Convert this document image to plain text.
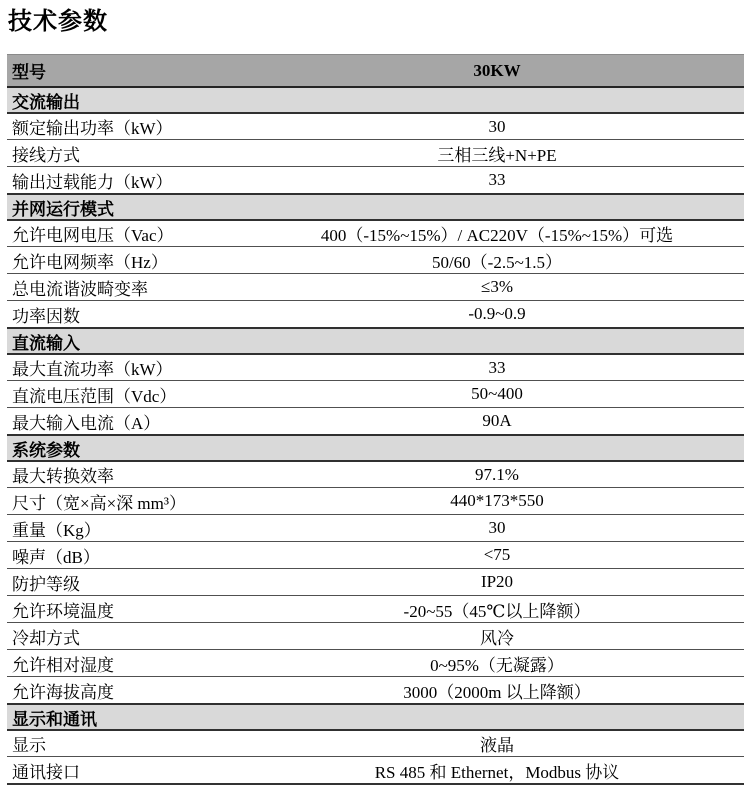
技术参数
型号	30KW
交流输出
额定输出功率（kW）	30
接线方式	三相三线+N+PE
输出过载能力（kW）	33
并网运行模式
允许电网电压（Vac）	400（-15%~15%）/ AC220V（-15%~15%）可选
允许电网频率（Hz）	50/60（-2.5~1.5）
总电流谐波畸变率	≤3%
功率因数	-0.9~0.9
直流输入
最大直流功率（kW）	33
直流电压范围（Vdc）	50~400
最大输入电流（A）	90A
系统参数
最大转换效率	97.1%
尺寸（宽×高×深 mm³）	440*173*550
重量（Kg）	30
噪声（dB）	<75
防护等级	IP20
允许环境温度	-20~55（45℃以上降额）
冷却方式	风冷
允许相对湿度	0~95%（无凝露）
允许海拔高度	3000（2000m 以上降额）
显示和通讯
显示	液晶
通讯接口	RS 485 和 Ethernet，Modbus 协议
